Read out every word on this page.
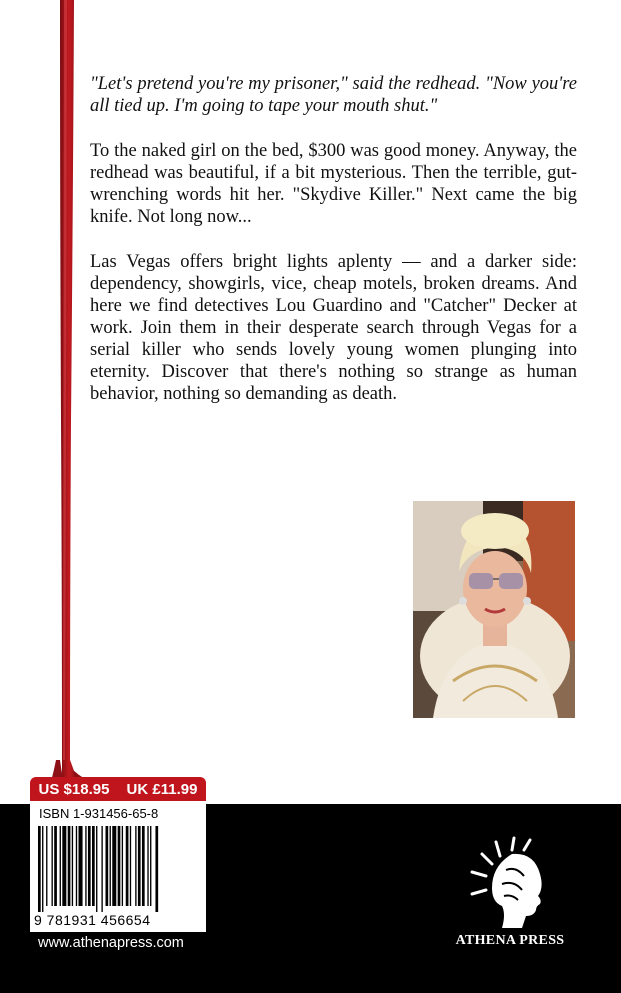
"Let's pretend you're my prisoner," said the redhead. "Now you're all tied up. I'm going to tape your mouth shut."

To the naked girl on the bed, $300 was good money. Anyway, the redhead was beautiful, if a bit mysterious. Then the terrible, gut-wrenching words hit her. "Skydive Killer." Next came the big knife. Not long now...

Las Vegas offers bright lights aplenty — and a darker side: dependency, showgirls, vice, cheap motels, broken dreams. And here we find detectives Lou Guardino and "Catcher" Decker at work. Join them in their desperate search through Vegas for a serial killer who sends lovely young women plunging into eternity. Discover that there's nothing so strange as human behavior, nothing so demanding as death.

US $18.95 UK £11.99
ISBN 1-931456-65-8
9 781931 456654
www.athenapress.com	ATHENA PRESS
